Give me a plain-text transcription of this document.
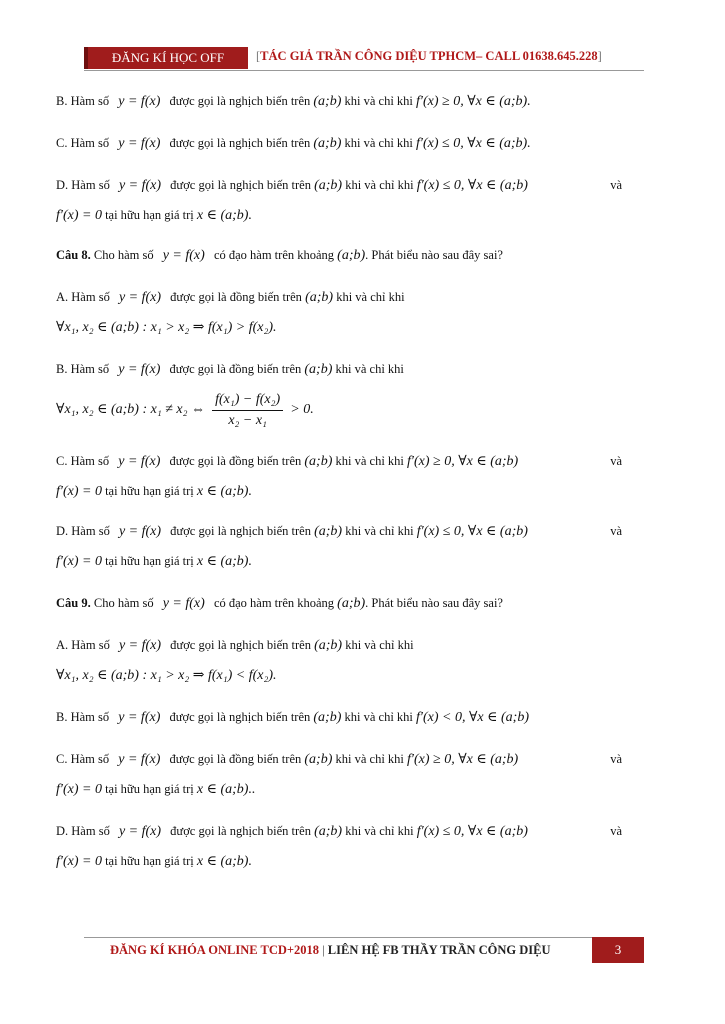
ĐĂNG KÍ HỌC OFF	[TÁC GIẢ TRẦN CÔNG DIỆU TPHCM– CALL 01638.645.228]
B. Hàm số y = f(x) được gọi là nghịch biến trên (a;b) khi và chỉ khi f′(x) ≥ 0, ∀x ∈ (a;b).
C. Hàm số y = f(x) được gọi là nghịch biến trên (a;b) khi và chỉ khi f′(x) ≤ 0, ∀x ∈ (a;b).
D. Hàm số y = f(x) được gọi là nghịch biến trên (a;b) khi và chỉ khi f′(x) ≤ 0, ∀x ∈ (a;b)	và
f′(x) = 0 tại hữu hạn giá trị x ∈ (a;b).
Câu 8. Cho hàm số y = f(x) có đạo hàm trên khoảng (a;b). Phát biểu nào sau đây sai?
A. Hàm số y = f(x) được gọi là đồng biến trên (a;b) khi và chỉ khi
∀x₁, x₂ ∈ (a;b) : x₁ > x₂ ⇒ f(x₁) > f(x₂).
B. Hàm số y = f(x) được gọi là đồng biến trên (a;b) khi và chỉ khi
∀x₁, x₂ ∈ (a;b) : x₁ ≠ x₂ ⇔ $\frac{\text{f(x₁) − f(x₂)}}{\text{x₂ − x₁}} > 0$.
C. Hàm số y = f(x) được gọi là đồng biến trên (a;b) khi và chỉ khi f′(x) ≥ 0, ∀x ∈ (a;b)	và
f′(x) = 0 tại hữu hạn giá trị x ∈ (a;b).
D. Hàm số y = f(x) được gọi là nghịch biến trên (a;b) khi và chỉ khi f′(x) ≤ 0, ∀x ∈ (a;b)	và
f′(x) = 0 tại hữu hạn giá trị x ∈ (a;b).
Câu 9. Cho hàm số y = f(x) có đạo hàm trên khoảng (a;b). Phát biểu nào sau đây sai?
A. Hàm số y = f(x) được gọi là nghịch biến trên (a;b) khi và chỉ khi
∀x₁, x₂ ∈ (a;b) : x₁ > x₂ ⇒ f(x₁) < f(x₂).
B. Hàm số y = f(x) được gọi là nghịch biến trên (a;b) khi và chỉ khi f′(x) < 0, ∀x ∈ (a;b)
C. Hàm số y = f(x) được gọi là đồng biến trên (a;b) khi và chỉ khi f′(x) ≥ 0, ∀x ∈ (a;b)	và
f′(x) = 0 tại hữu hạn giá trị x ∈ (a;b)..
D. Hàm số y = f(x) được gọi là nghịch biến trên (a;b) khi và chỉ khi f′(x) ≤ 0, ∀x ∈ (a;b)	và
f′(x) = 0 tại hữu hạn giá trị x ∈ (a;b).
ĐĂNG KÍ KHÓA ONLINE TCD+2018 | LIÊN HỆ FB THẦY TRẦN CÔNG DIỆU	3
